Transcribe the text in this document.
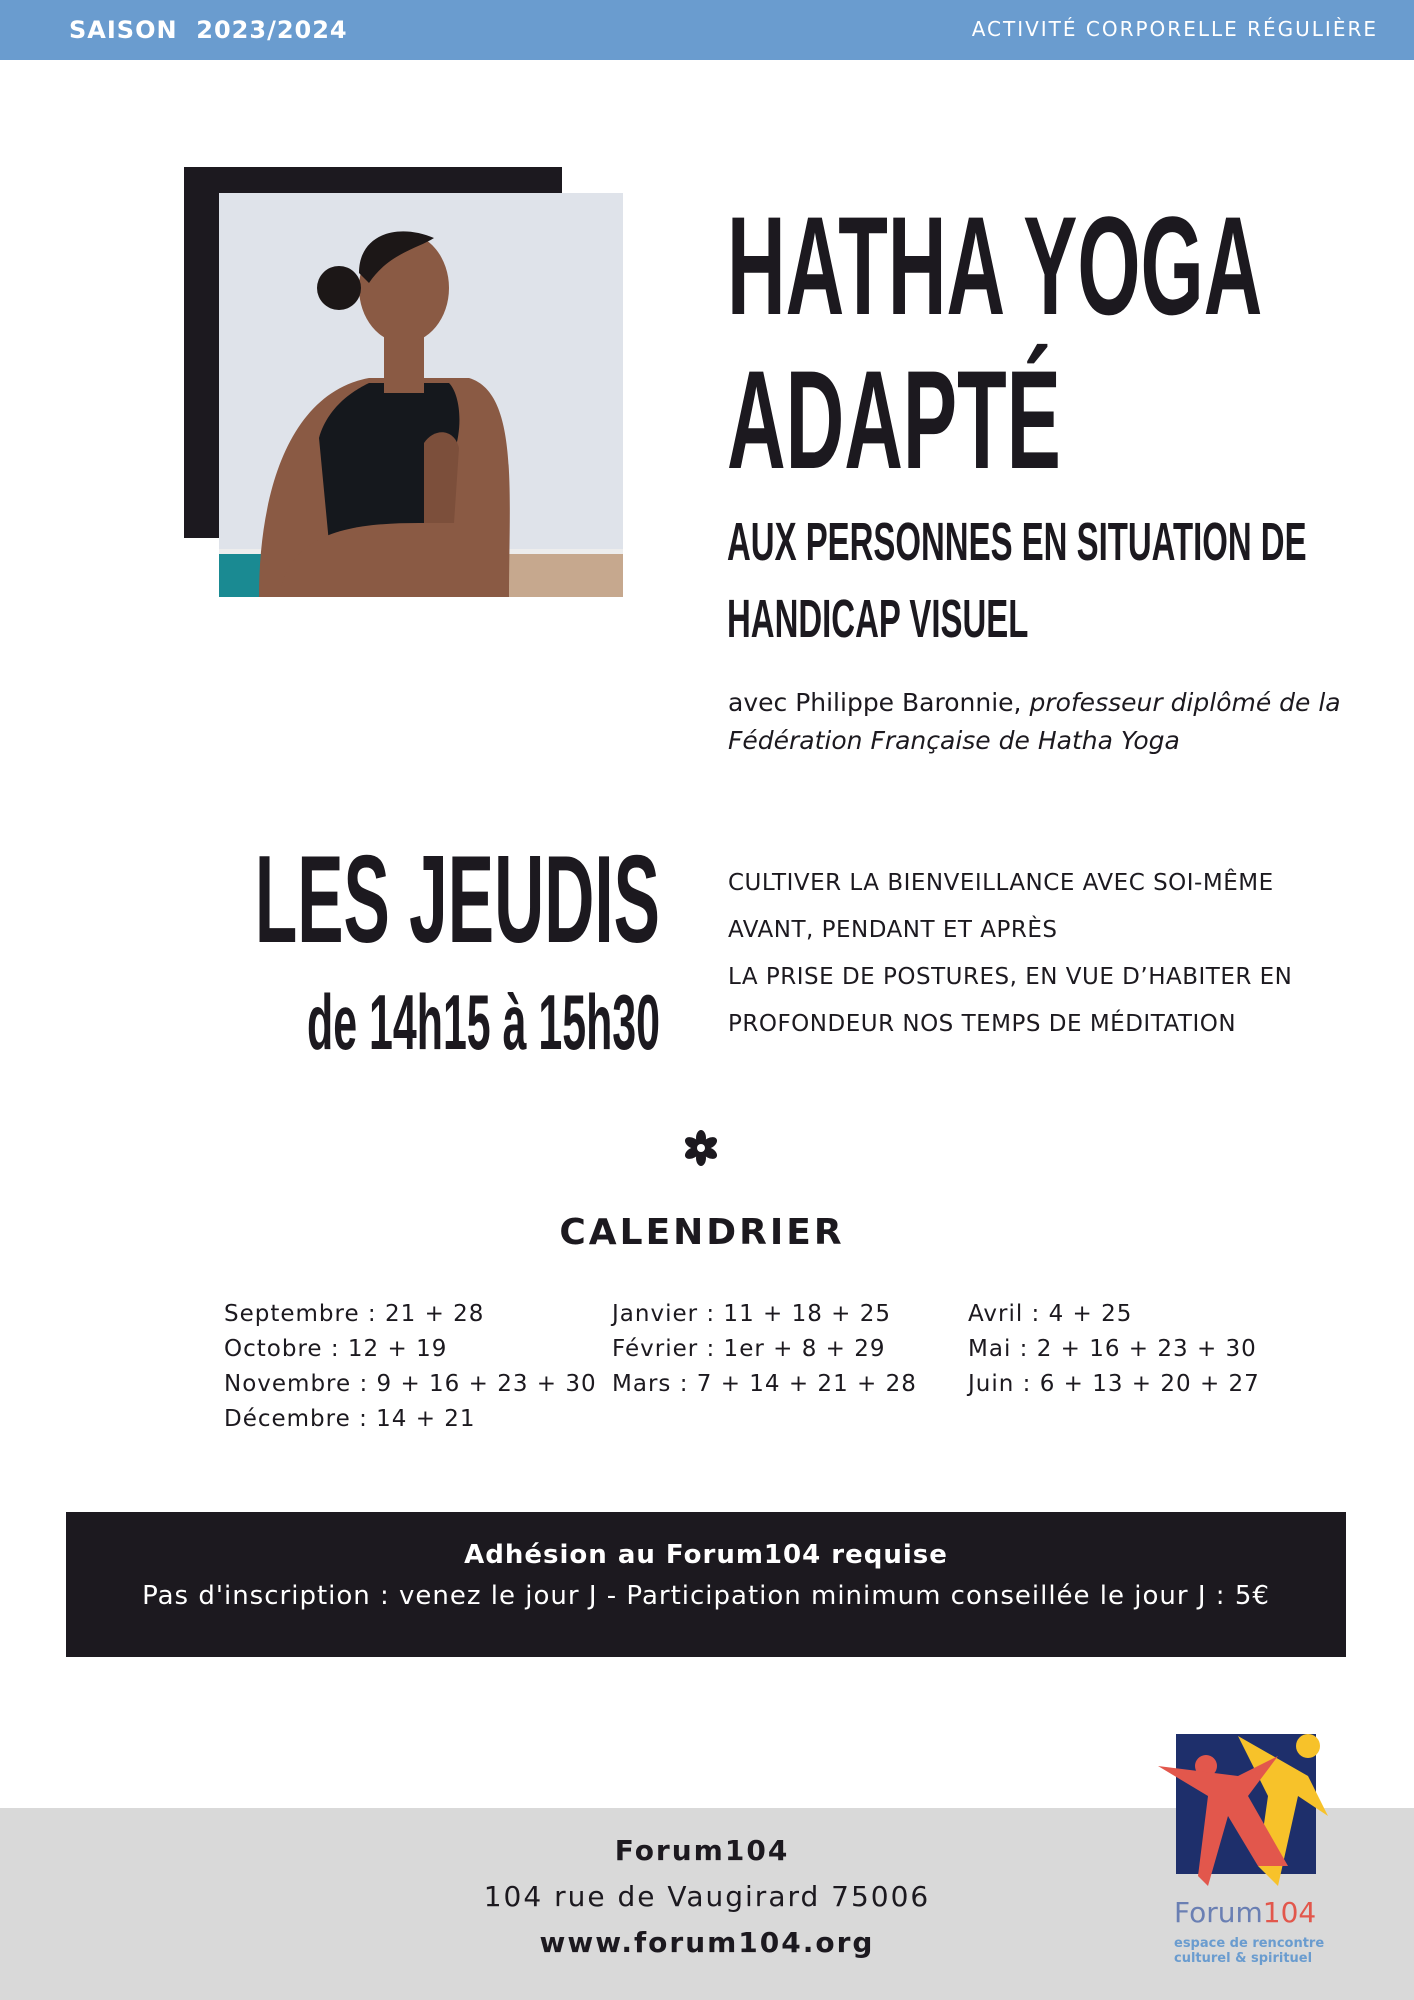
SAISON  2023/2024	ACTIVITÉ CORPORELLE RÉGULIÈRE
HATHA YOGA
ADAPTÉ
AUX PERSONNES EN SITUATION DE
HANDICAP VISUEL
avec Philippe Baronnie, professeur diplômé de la Fédération Française de Hatha Yoga
LES JEUDIS
de 14h15 à 15h30
CULTIVER LA BIENVEILLANCE AVEC SOI-MÊME
AVANT, PENDANT ET APRÈS
LA PRISE DE POSTURES, EN VUE D’HABITER EN
PROFONDEUR NOS TEMPS DE MÉDITATION
CALENDRIER
Septembre : 21 + 28
Octobre : 12 + 19
Novembre : 9 + 16 + 23 + 30
Décembre : 14 + 21
Janvier : 11 + 18 + 25
Février : 1er + 8 + 29
Mars : 7 + 14 + 21 + 28
Avril : 4 + 25
Mai : 2 + 16 + 23 + 30
Juin : 6 + 13 + 20 + 27
Adhésion au Forum104 requise
Pas d'inscription : venez le jour J - Participation minimum conseillée le jour J : 5€
Forum104
104 rue de Vaugirard 75006
www.forum104.org
Forum104
espace de rencontre
culturel & spirituel
